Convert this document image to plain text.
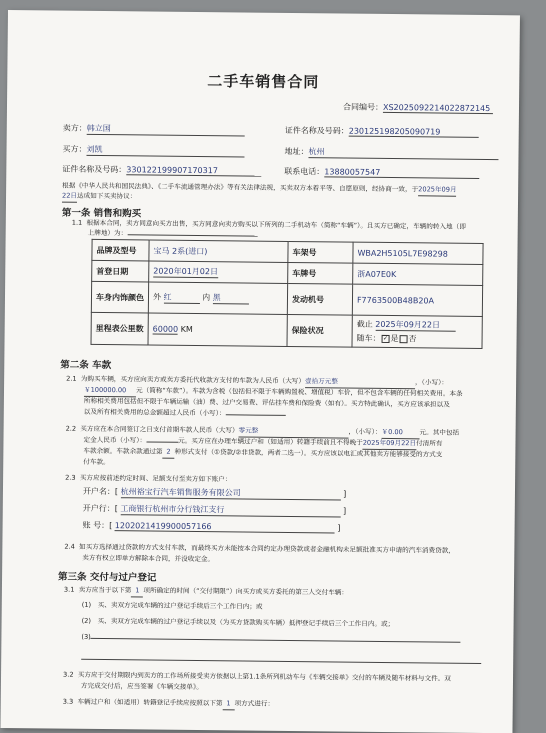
二手车销售合同
合同编号：XS2025092214022872145
卖方：韩立国	证件名称及号码：230125198205090719
买方：刘凯	地址：杭州
证件名称及号码：330122199907170317	联系电话：13880057547
根据《中华人民共和国民法典》、《二手车流通管理办法》等有关法律法规，买卖双方本着平等、自愿原则，经协商一致，于2025年09月
22日达成如下买卖协议：
第一条 销售和购买
1.1 根据本合同，卖方同意向买方出售，买方同意向卖方购买以下所列的二手机动车（简称“车辆”）。且买方已确定，车辆的转入地（即
上牌地）为：
品牌及型号	宝马 2系(进口)	车架号	WBA2H5105L7E98298
首登日期	2020年01月02日	车牌号	浙A07E0K
车身内饰颜色	外 红 内 黑	发动机号	F7763500B48B20A
里程表公里数	60000 KM	保险状况	截止 2025年09月22日
随车： ✓ 是 否
第二条 车款
2.1 为购买车辆，买方应向卖方或卖方委托代收款方支付的车款为人民币（大写）壹拾万元整	，（小写）：
￥100000.00 元（简称“车款”）。车款为含税（包括但不限于车辆购置税、增值税）车价，但不包含车辆的任何相关费用。本条
所称相关费用包括但不限于车辆运输（油）费、过户交易费、评估挂车费和保险费（如有）。买方特此确认，买方应该承担以及
以及所有相关费用的总金额超过人民币（小写）：
2.2 买方应在本合同签订之日支付首期车款人民币（大写）零元整	，（小写）：￥0.00	元。其中包括
定金人民币（小写）：	元。买方应在办理车辆过户和（如适用）转籍手续前且不得晚于2025年09月22日付清所有
车款余额。车款余款通过第 2 种形式支付（①贷款/②非贷款，两者二选一）。买方应该以电汇或其他卖方能够接受的方式支
付车款。
2.3 买方应按前述约定时间、足额支付至卖方如下账户：
开户名：[ 杭州裕宝行汽车销售服务有限公司	]
开户行：[ 工商银行杭州市分行钱江支行	]
账 号：[ 1202021419900057166	]
2.4 如买方选择通过贷款的方式支付车款，而最终买方未能按本合同约定办理贷款或者金融机构未足额批准买方申请的汽车消费贷款，
卖方有权立即单方解除本合同，并没收定金。
第三条 交付与过户登记
3.1 卖方应当于以下第 1 项所确定的时间（“交付期限”）向买方或买方委托的第三人交付车辆：
(1)　买、卖双方完成车辆的过户登记手续后三个工作日内；或
(2)　买、卖双方完成车辆的过户登记手续以及（为买方贷款购买车辆）抵押登记手续后三个工作日内。或；
(3)
3.2 买方应于交付期限内到卖方的工作场所接受卖方依据以上第1.1条所列机动车与《车辆交接单》交付的车辆及随车材料与文件。双
方完成交付后，应当签署《车辆交接单》。
3.3 车辆过户和（如适用）转籍登记手续应按照以下第 1 项方式进行：
